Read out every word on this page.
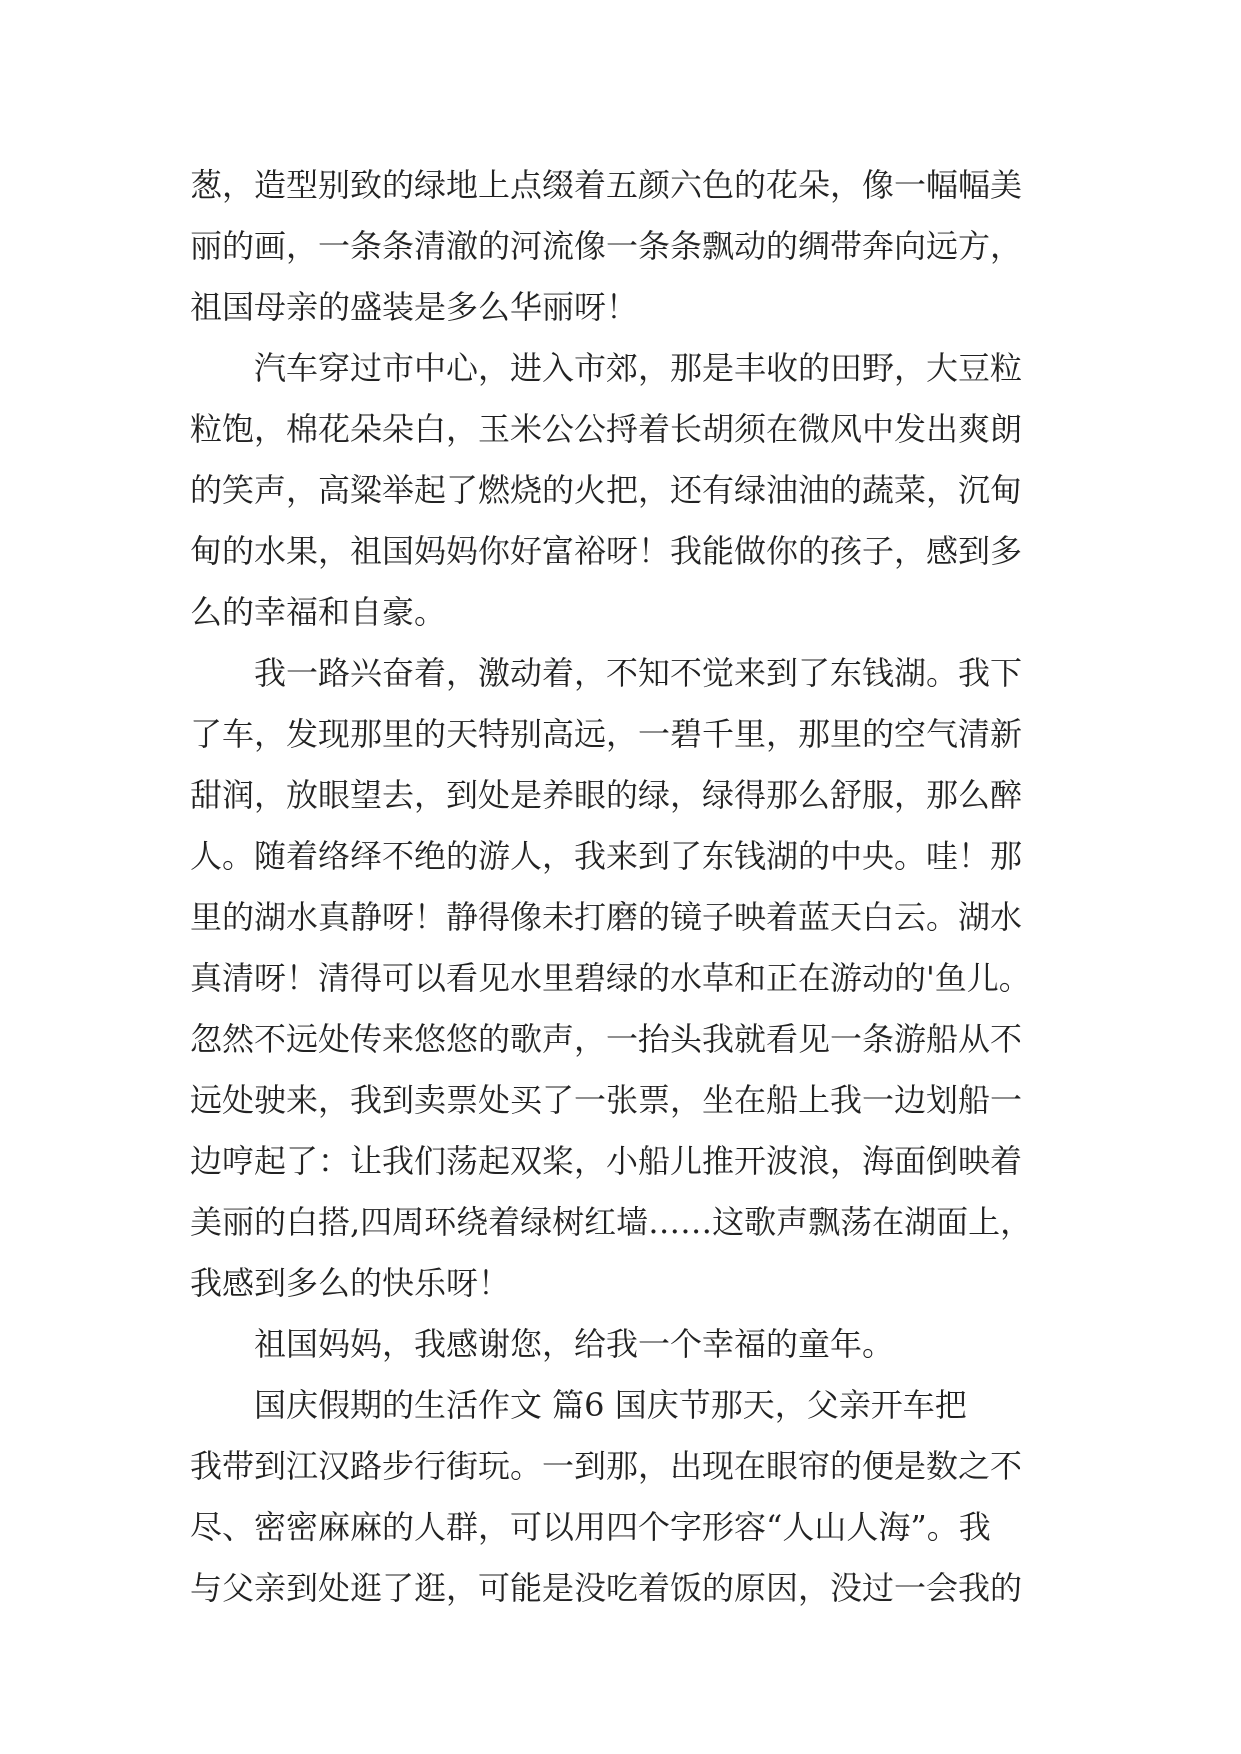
葱，造型别致的绿地上点缀着五颜六色的花朵，像一幅幅美
丽的画，一条条清澈的河流像一条条飘动的绸带奔向远方，
祖国母亲的盛装是多么华丽呀！
汽车穿过市中心，进入市郊，那是丰收的田野，大豆粒
粒饱，棉花朵朵白，玉米公公捋着长胡须在微风中发出爽朗
的笑声，高粱举起了燃烧的火把，还有绿油油的蔬菜，沉甸
甸的水果，祖国妈妈你好富裕呀！我能做你的孩子，感到多
么的幸福和自豪。
我一路兴奋着，激动着，不知不觉来到了东钱湖。我下
了车，发现那里的天特别高远，一碧千里，那里的空气清新
甜润，放眼望去，到处是养眼的绿，绿得那么舒服，那么醉
人。随着络绎不绝的游人，我来到了东钱湖的中央。哇！那
里的湖水真静呀！静得像未打磨的镜子映着蓝天白云。湖水
真清呀！清得可以看见水里碧绿的水草和正在游动的'鱼儿。
忽然不远处传来悠悠的歌声，一抬头我就看见一条游船从不
远处驶来，我到卖票处买了一张票，坐在船上我一边划船一
边哼起了：让我们荡起双桨，小船儿推开波浪，海面倒映着
美丽的白搭,四周环绕着绿树红墙……这歌声飘荡在湖面上，
我感到多么的快乐呀！
祖国妈妈，我感谢您，给我一个幸福的童年。
国庆假期的生活作文 篇6 国庆节那天，父亲开车把
我带到江汉路步行街玩。一到那，出现在眼帘的便是数之不
尽、密密麻麻的人群，可以用四个字形容“人山人海”。我
与父亲到处逛了逛，可能是没吃着饭的原因，没过一会我的
